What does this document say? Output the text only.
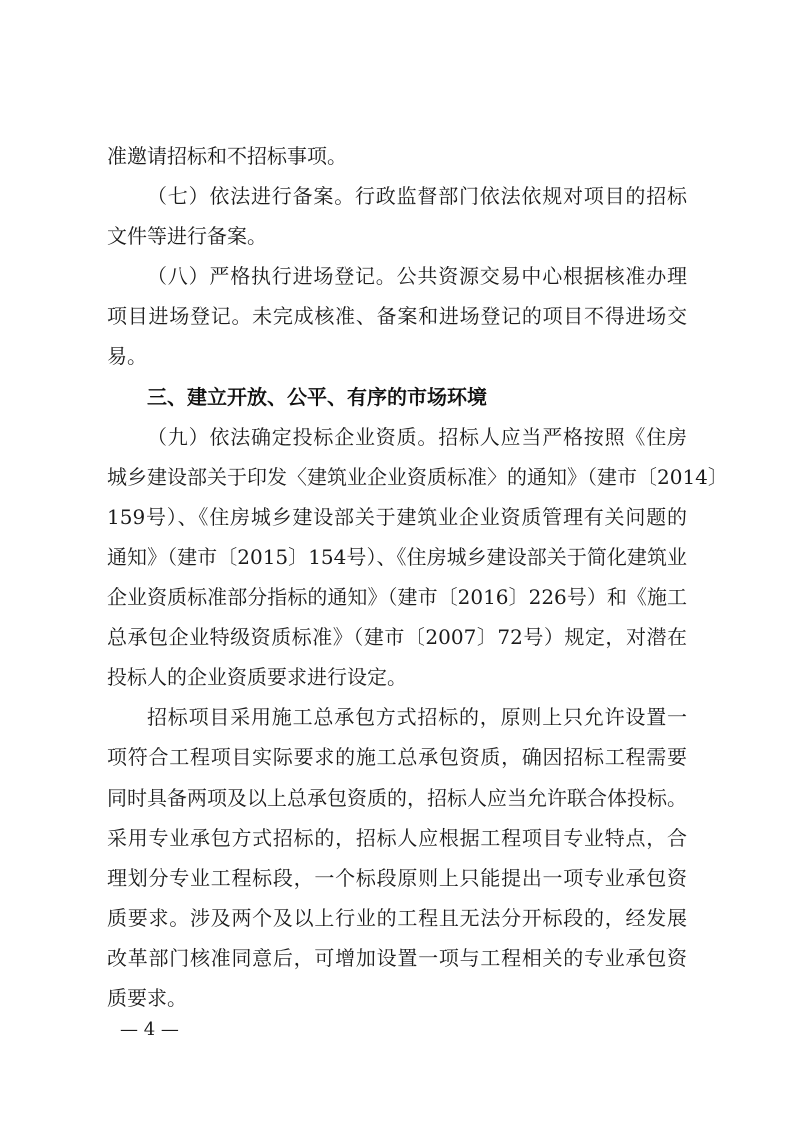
准邀请招标和不招标事项。
（七）依法进行备案。行政监督部门依法依规对项目的招标
文件等进行备案。
（八）严格执行进场登记。公共资源交易中心根据核准办理
项目进场登记。未完成核准、备案和进场登记的项目不得进场交
易。
三、建立开放、公平、有序的市场环境
（九）依法确定投标企业资质。招标人应当严格按照《住房
城乡建设部关于印发〈建筑业企业资质标准〉的通知》（建市〔2014〕
159号）、《住房城乡建设部关于建筑业企业资质管理有关问题的
通知》（建市〔2015〕154号）、《住房城乡建设部关于简化建筑业
企业资质标准部分指标的通知》（建市〔2016〕226号）和《施工
总承包企业特级资质标准》（建市〔2007〕72号）规定，对潜在
投标人的企业资质要求进行设定。
招标项目采用施工总承包方式招标的，原则上只允许设置一
项符合工程项目实际要求的施工总承包资质，确因招标工程需要
同时具备两项及以上总承包资质的，招标人应当允许联合体投标。
采用专业承包方式招标的，招标人应根据工程项目专业特点，合
理划分专业工程标段，一个标段原则上只能提出一项专业承包资
质要求。涉及两个及以上行业的工程且无法分开标段的，经发展
改革部门核准同意后，可增加设置一项与工程相关的专业承包资
质要求。
— 4 —
